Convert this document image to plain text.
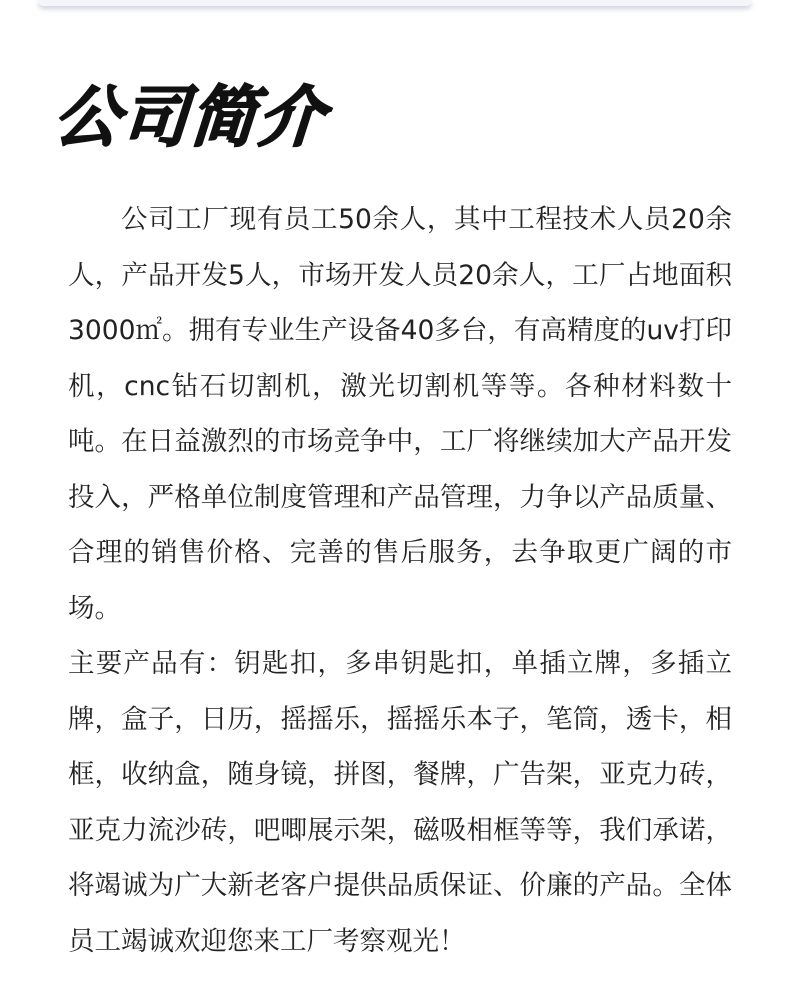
公司简介

公司工厂现有员工50余人，其中工程技术人员20余人，产品开发5人，市场开发人员20余人，工厂占地面积3000㎡。拥有专业生产设备40多台，有高精度的uv打印机，cnc钻石切割机，激光切割机等等。各种材料数十吨。在日益激烈的市场竞争中，工厂将继续加大产品开发投入，严格单位制度管理和产品管理，力争以产品质量、合理的销售价格、完善的售后服务，去争取更广阔的市场。

主要产品有：钥匙扣，多串钥匙扣，单插立牌，多插立牌，盒子，日历，摇摇乐，摇摇乐本子，笔筒，透卡，相框，收纳盒，随身镜，拼图，餐牌，广告架，亚克力砖，亚克力流沙砖，吧唧展示架，磁吸相框等等，我们承诺，将竭诚为广大新老客户提供品质保证、价廉的产品。全体员工竭诚欢迎您来工厂考察观光！
